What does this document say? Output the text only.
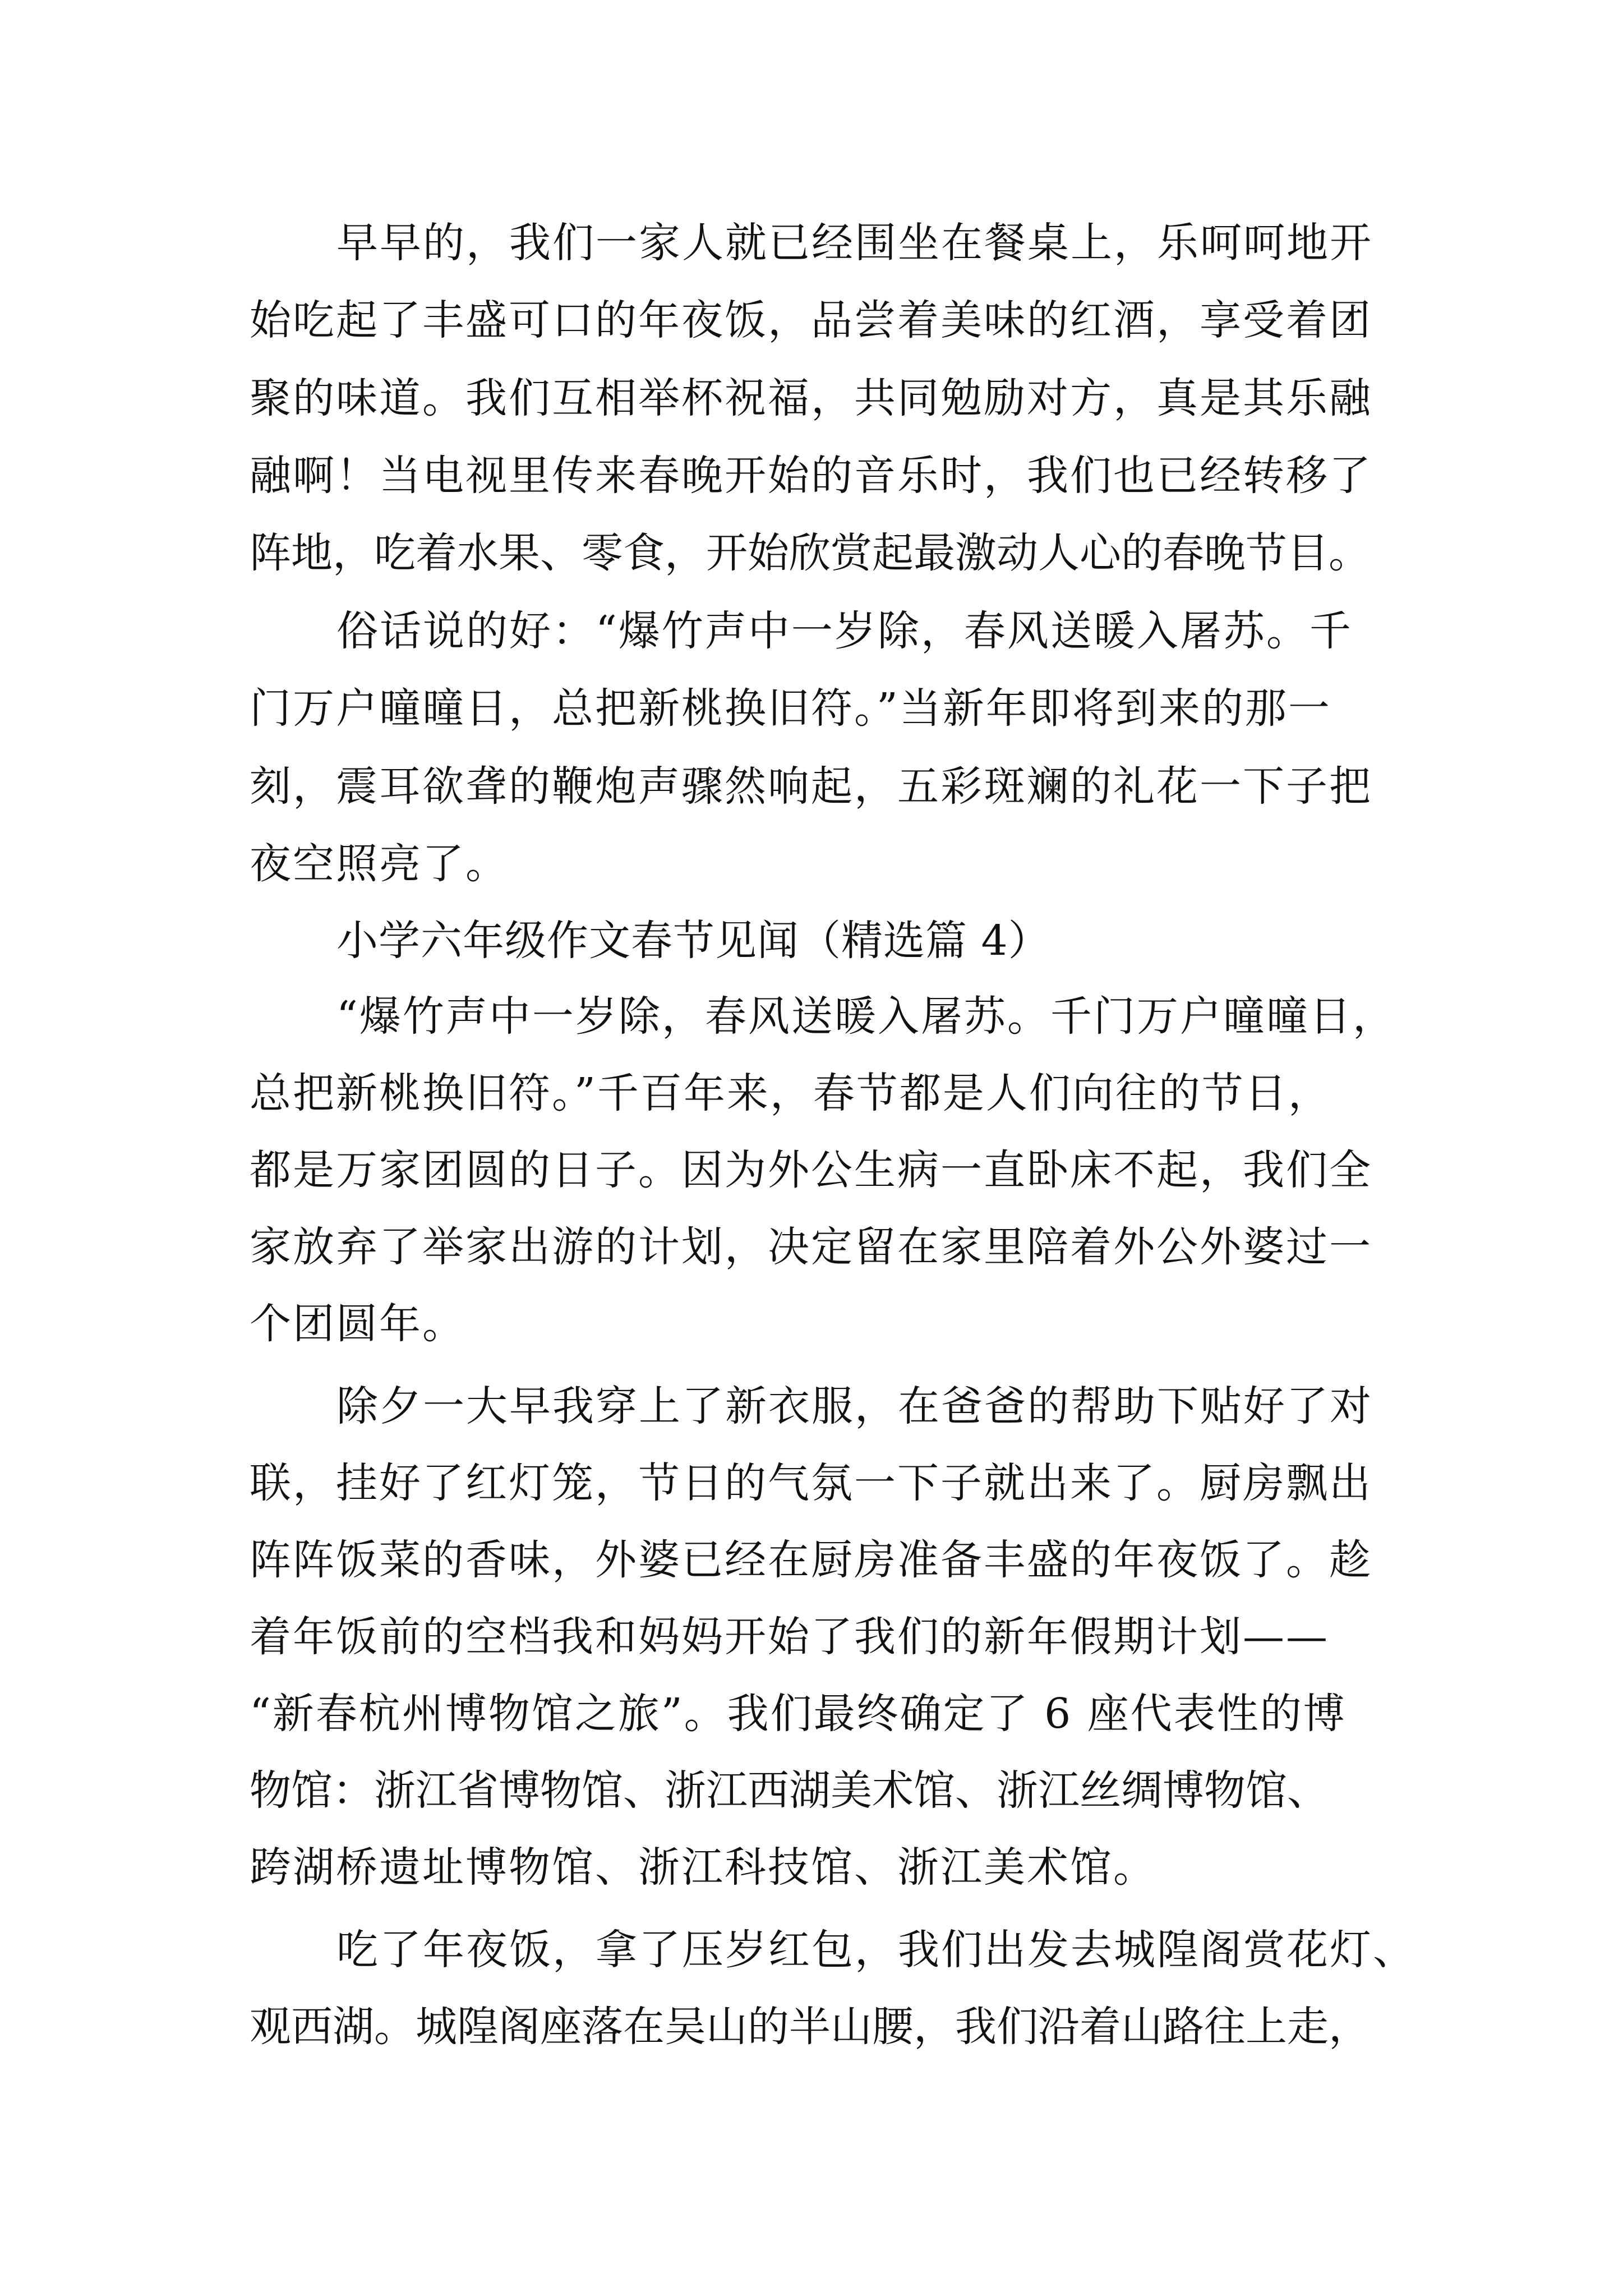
早早的，我们一家人就已经围坐在餐桌上，乐呵呵地开
始吃起了丰盛可口的年夜饭，品尝着美味的红酒，享受着团
聚的味道。我们互相举杯祝福，共同勉励对方，真是其乐融
融啊！当电视里传来春晚开始的音乐时，我们也已经转移了
阵地，吃着水果、零食，开始欣赏起最激动人心的春晚节目。
俗话说的好：“爆竹声中一岁除，春风送暖入屠苏。千
门万户曈曈日，总把新桃换旧符。”当新年即将到来的那一
刻，震耳欲聋的鞭炮声骤然响起，五彩斑斓的礼花一下子把
夜空照亮了。
小学六年级作文春节见闻（精选篇 4）
“爆竹声中一岁除，春风送暖入屠苏。千门万户曈曈日，
总把新桃换旧符。”千百年来，春节都是人们向往的节日，
都是万家团圆的日子。因为外公生病一直卧床不起，我们全
家放弃了举家出游的计划，决定留在家里陪着外公外婆过一
个团圆年。
除夕一大早我穿上了新衣服，在爸爸的帮助下贴好了对
联，挂好了红灯笼，节日的气氛一下子就出来了。厨房飘出
阵阵饭菜的香味，外婆已经在厨房准备丰盛的年夜饭了。趁
着年饭前的空档我和妈妈开始了我们的新年假期计划——
“新春杭州博物馆之旅”。我们最终确定了 6 座代表性的博
物馆：浙江省博物馆、浙江西湖美术馆、浙江丝绸博物馆、
跨湖桥遗址博物馆、浙江科技馆、浙江美术馆。
吃了年夜饭，拿了压岁红包，我们出发去城隍阁赏花灯、
观西湖。城隍阁座落在吴山的半山腰，我们沿着山路往上走，
